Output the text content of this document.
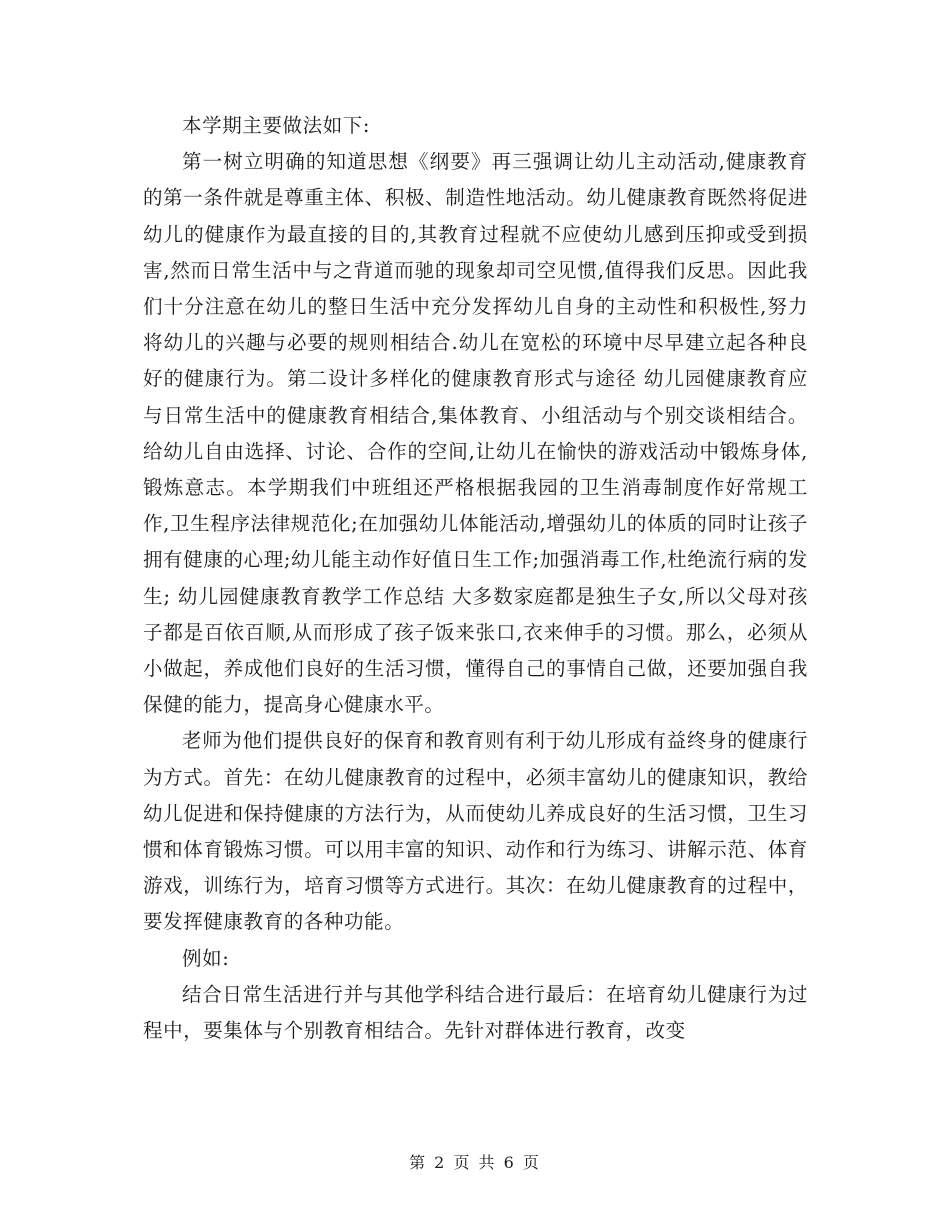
本学期主要做法如下:

第一树立明确的知道思想《纲要》再三强调让幼儿主动活动,健康教育的第一条件就是尊重主体、积极、制造性地活动。幼儿健康教育既然将促进幼儿的健康作为最直接的目的,其教育过程就不应使幼儿感到压抑或受到损害,然而日常生活中与之背道而驰的现象却司空见惯,值得我们反思。因此我们十分注意在幼儿的整日生活中充分发挥幼儿自身的主动性和积极性,努力将幼儿的兴趣与必要的规则相结合.幼儿在宽松的环境中尽早建立起各种良好的健康行为。第二设计多样化的健康教育形式与途径 幼儿园健康教育应与日常生活中的健康教育相结合,集体教育、小组活动与个别交谈相结合。 给幼儿自由选择、讨论、合作的空间,让幼儿在愉快的游戏活动中锻炼身体,锻炼意志。本学期我们中班组还严格根据我园的卫生消毒制度作好常规工作,卫生程序法律规范化;在加强幼儿体能活动,增强幼儿的体质的同时让孩子拥有健康的心理;幼儿能主动作好值日生工作;加强消毒工作,杜绝流行病的发生; 幼儿园健康教育教学工作总结 大多数家庭都是独生子女,所以父母对孩子都是百依百顺,从而形成了孩子饭来张口,衣来伸手的习惯。那么，必须从小做起，养成他们良好的生活习惯，懂得自己的事情自己做，还要加强自我保健的能力，提高身心健康水平。

老师为他们提供良好的保育和教育则有利于幼儿形成有益终身的健康行为方式。首先：在幼儿健康教育的过程中，必须丰富幼儿的健康知识，教给幼儿促进和保持健康的方法行为，从而使幼儿养成良好的生活习惯，卫生习惯和体育锻炼习惯。可以用丰富的知识、动作和行为练习、讲解示范、体育游戏，训练行为，培育习惯等方式进行。其次：在幼儿健康教育的过程中，要发挥健康教育的各种功能。

例如:

结合日常生活进行并与其他学科结合进行最后：在培育幼儿健康行为过程中，要集体与个别教育相结合。先针对群体进行教育，改变

第 2 页 共 6 页
